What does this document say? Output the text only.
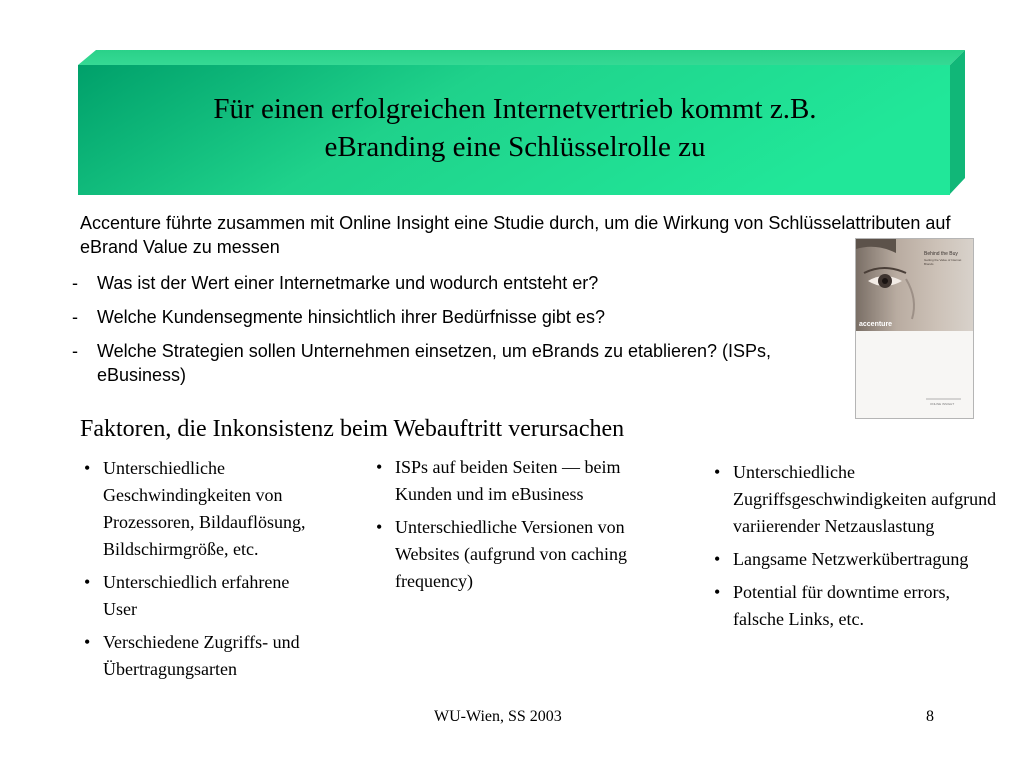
Für einen erfolgreichen Internetvertrieb kommt z.B.
eBranding eine Schlüsselrolle zu
Accenture führte zusammen mit Online Insight eine Studie durch, um die Wirkung von Schlüsselattributen auf eBrand Value zu messen
- Was ist der Wert einer Internetmarke und wodurch entsteht er?
- Welche Kundensegmente hinsichtlich ihrer Bedürfnisse gibt es?
- Welche Strategien sollen Unternehmen einsetzen, um eBrands zu etablieren? (ISPs, eBusiness)
Behind the Buy
Getting the Value of Internet Brands
accenture
ONLINE INSIGHT
Faktoren, die Inkonsistenz beim Webauftritt verursachen
• Unterschiedliche Geschwindingkeiten von Prozessoren, Bildauflösung, Bildschirmgröße, etc.
• Unterschiedlich erfahrene User
• Verschiedene Zugriffs- und Übertragungsarten
• ISPs auf beiden Seiten — beim Kunden und im eBusiness
• Unterschiedliche Versionen von Websites (aufgrund von caching frequency)
• Unterschiedliche Zugriffsgeschwindigkeiten aufgrund variierender Netzauslastung
• Langsame Netzwerkübertragung
• Potential für downtime errors, falsche Links, etc.
WU-Wien, SS 2003	8
